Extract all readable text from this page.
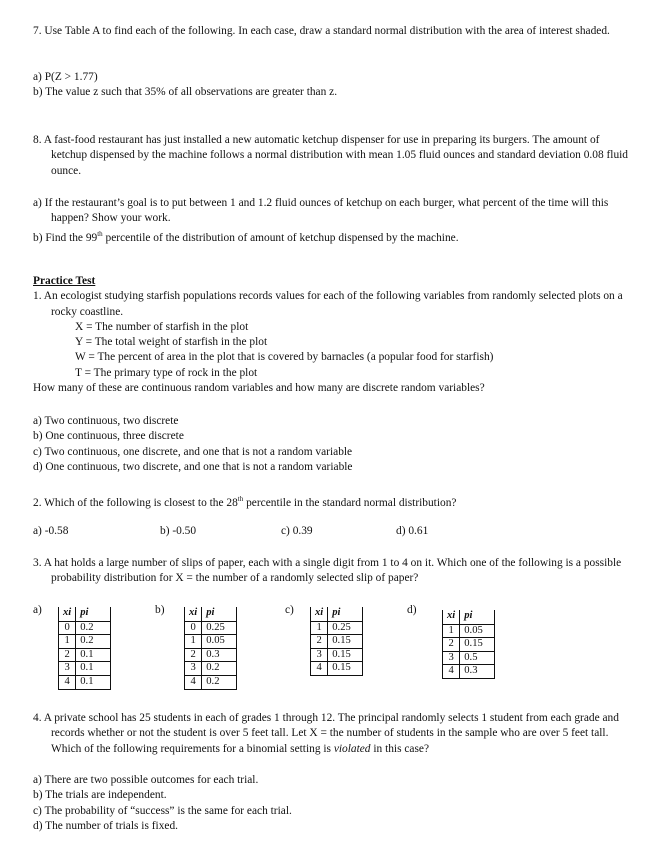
7. Use Table A to find each of the following. In each case, draw a standard normal distribution with the area of interest shaded.

a) P(Z > 1.77)

b) The value z such that 35% of all observations are greater than z.

8. A fast-food restaurant has just installed a new automatic ketchup dispenser for use in preparing its burgers. The amount of ketchup dispensed by the machine follows a normal distribution with mean 1.05 fluid ounces and standard deviation 0.08 fluid ounce.

a) If the restaurant’s goal is to put between 1 and 1.2 fluid ounces of ketchup on each burger, what percent of the time will this happen? Show your work.

b) Find the 99th percentile of the distribution of amount of ketchup dispensed by the machine.

Practice Test

1. An ecologist studying starfish populations records values for each of the following variables from randomly selected plots on a rocky coastline.

X = The number of starfish in the plot

Y = The total weight of starfish in the plot

W = The percent of area in the plot that is covered by barnacles (a popular food for starfish)

T = The primary type of rock in the plot

How many of these are continuous random variables and how many are discrete random variables?

a) Two continuous, two discrete

b) One continuous, three discrete

c) Two continuous, one discrete, and one that is not a random variable

d) One continuous, two discrete, and one that is not a random variable

2. Which of the following is closest to the 28th percentile in the standard normal distribution?

a) -0.58	b) -0.50	c) 0.39	d) 0.61

3. A hat holds a large number of slips of paper, each with a single digit from 1 to 4 on it. Which one of the following is a possible probability distribution for X = the number of a randomly selected slip of paper?

a) xi	pi
0	0.2
1	0.2
2	0.1
3	0.1
4	0.1
b) xi	pi
0	0.25
1	0.05
2	0.3
3	0.2
4	0.2
c) xi	pi
1	0.25
2	0.15
3	0.15
4	0.15
d)	xi	pi
1	0.05
2	0.15
3	0.5
4	0.3

4. A private school has 25 students in each of grades 1 through 12. The principal randomly selects 1 student from each grade and records whether or not the student is over 5 feet tall. Let X = the number of students in the sample who are over 5 feet tall. Which of the following requirements for a binomial setting is violated in this case?

a) There are two possible outcomes for each trial.

b) The trials are independent.

c) The probability of “success” is the same for each trial.

d) The number of trials is fixed.
